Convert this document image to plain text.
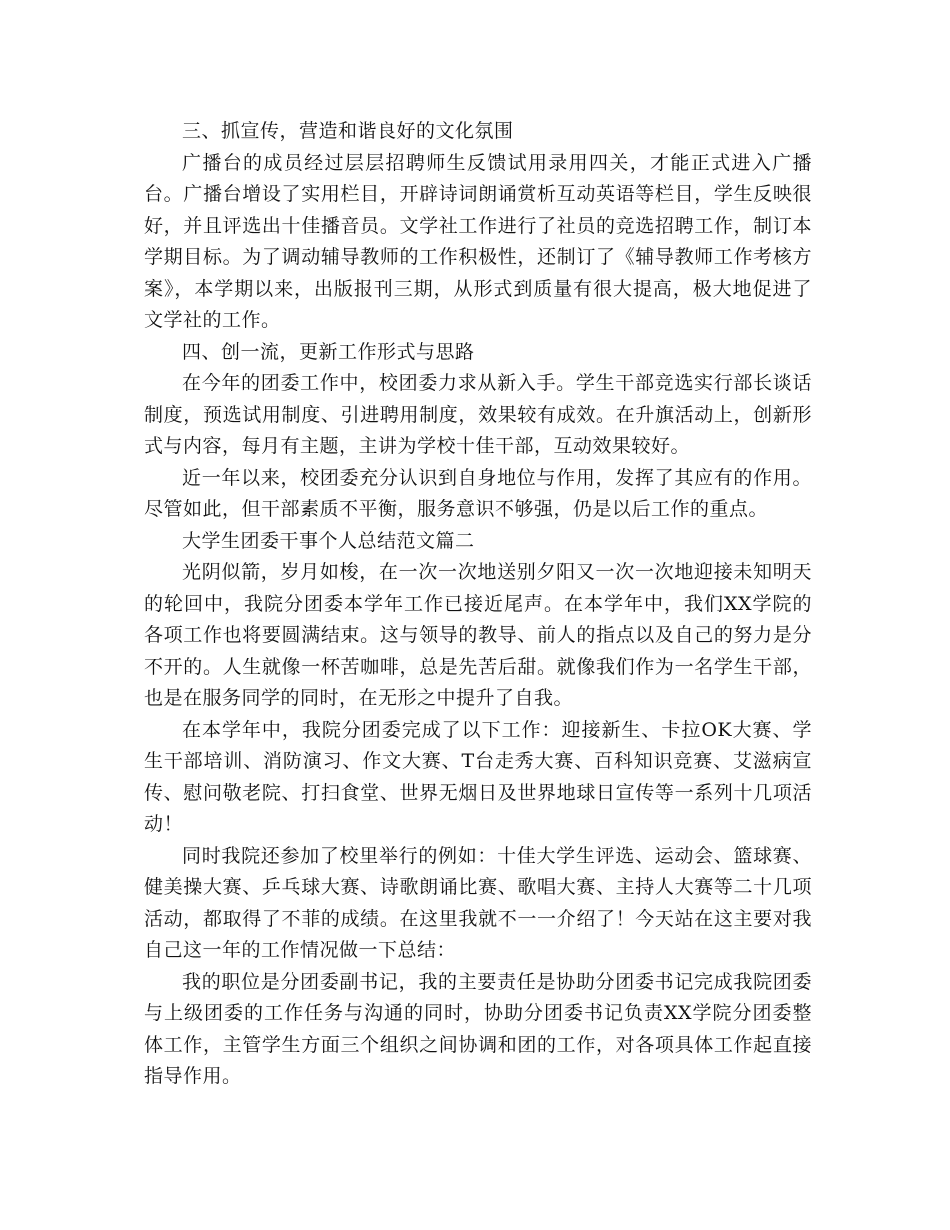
三、抓宣传，营造和谐良好的文化氛围

广播台的成员经过层层招聘师生反馈试用录用四关，才能正式进入广播台。广播台增设了实用栏目，开辟诗词朗诵赏析互动英语等栏目，学生反映很好，并且评选出十佳播音员。文学社工作进行了社员的竞选招聘工作，制订本学期目标。为了调动辅导教师的工作积极性，还制订了《辅导教师工作考核方案》，本学期以来，出版报刊三期，从形式到质量有很大提高，极大地促进了文学社的工作。

四、创一流，更新工作形式与思路

在今年的团委工作中，校团委力求从新入手。学生干部竞选实行部长谈话制度，预选试用制度、引进聘用制度，效果较有成效。在升旗活动上，创新形式与内容，每月有主题，主讲为学校十佳干部，互动效果较好。

近一年以来，校团委充分认识到自身地位与作用，发挥了其应有的作用。尽管如此，但干部素质不平衡，服务意识不够强，仍是以后工作的重点。

大学生团委干事个人总结范文篇二

光阴似箭，岁月如梭，在一次一次地送别夕阳又一次一次地迎接未知明天的轮回中，我院分团委本学年工作已接近尾声。在本学年中，我们XX学院的各项工作也将要圆满结束。这与领导的教导、前人的指点以及自己的努力是分不开的。人生就像一杯苦咖啡，总是先苦后甜。就像我们作为一名学生干部，也是在服务同学的同时，在无形之中提升了自我。

在本学年中，我院分团委完成了以下工作：迎接新生、卡拉OK大赛、学生干部培训、消防演习、作文大赛、T台走秀大赛、百科知识竞赛、艾滋病宣传、慰问敬老院、打扫食堂、世界无烟日及世界地球日宣传等一系列十几项活动！

同时我院还参加了校里举行的例如：十佳大学生评选、运动会、篮球赛、健美操大赛、乒乓球大赛、诗歌朗诵比赛、歌唱大赛、主持人大赛等二十几项活动，都取得了不菲的成绩。在这里我就不一一介绍了！今天站在这主要对我自己这一年的工作情况做一下总结：

我的职位是分团委副书记，我的主要责任是协助分团委书记完成我院团委与上级团委的工作任务与沟通的同时，协助分团委书记负责XX学院分团委整体工作，主管学生方面三个组织之间协调和团的工作，对各项具体工作起直接指导作用。
